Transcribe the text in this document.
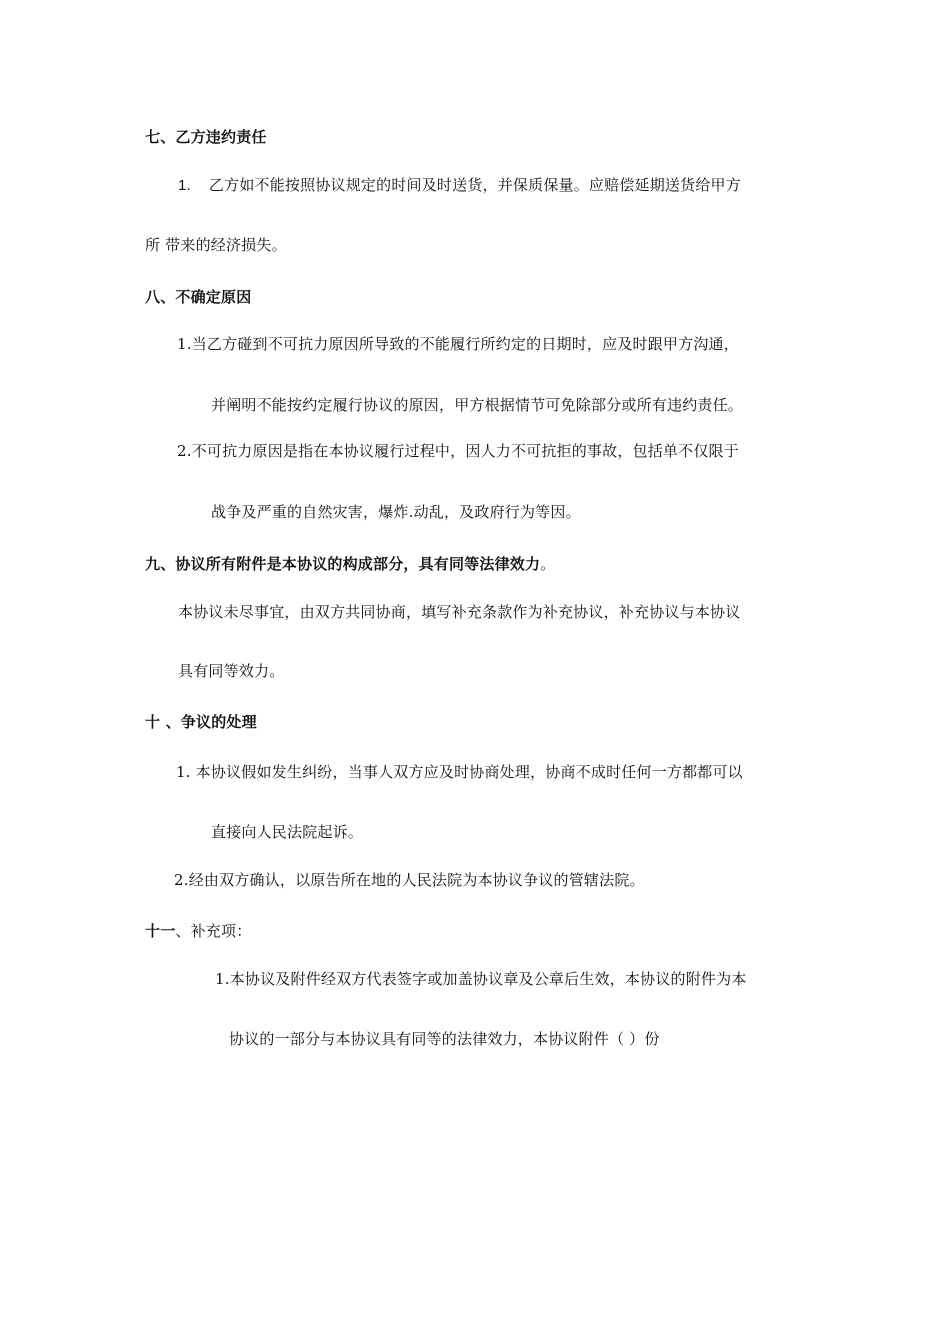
七、乙方违约责任
1. 乙方如不能按照协议规定的时间及时送货，并保质保量。应赔偿延期送货给甲方
所 带来的经济损失。
八、不确定原因
1.当乙方碰到不可抗力原因所导致的不能履行所约定的日期时，应及时跟甲方沟通，
并阐明不能按约定履行协议的原因，甲方根据情节可免除部分或所有违约责任。
2.不可抗力原因是指在本协议履行过程中，因人力不可抗拒的事故，包括单不仅限于
战争及严重的自然灾害，爆炸.动乱，及政府行为等因。
九、协议所有附件是本协议的构成部分，具有同等法律效力。
本协议未尽事宜，由双方共同协商，填写补充条款作为补充协议，补充协议与本协议
具有同等效力。
十 、争议的处理
1. 本协议假如发生纠纷，当事人双方应及时协商处理，协商不成时任何一方都都可以
直接向人民法院起诉。
2.经由双方确认，以原告所在地的人民法院为本协议争议的管辖法院。
十一、补充项：
1.本协议及附件经双方代表签字或加盖协议章及公章后生效，本协议的附件为本
协议的一部分与本协议具有同等的法律效力，本协议附件（ ）份
